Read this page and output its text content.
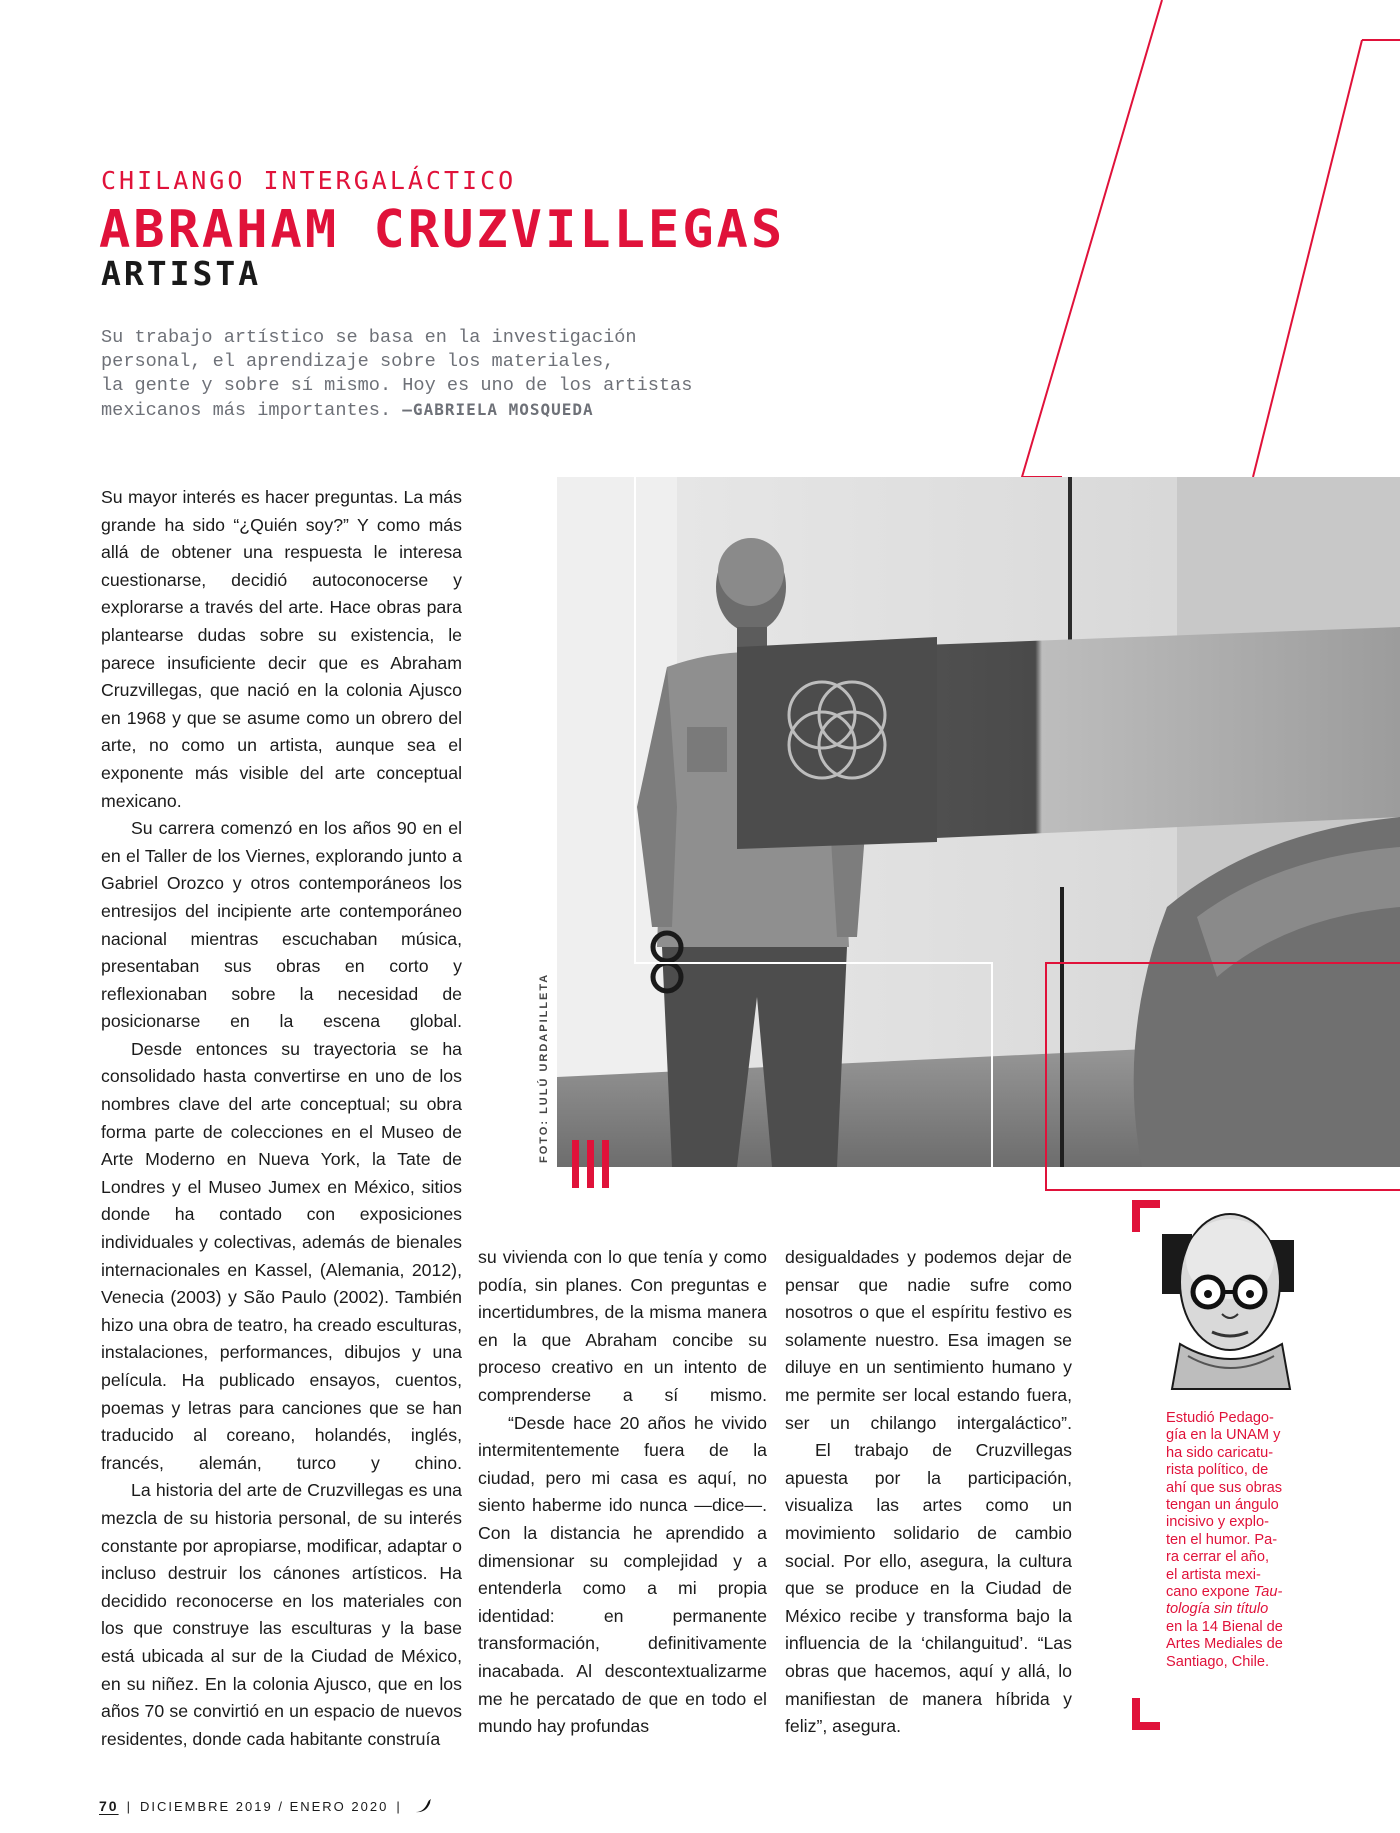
CHILANGO INTERGALÁCTICO
ABRAHAM CRUZVILLEGAS
ARTISTA

Su trabajo artístico se basa en la investigación

personal, el aprendizaje sobre los materiales,

la gente y sobre sí mismo. Hoy es uno de los artistas

mexicanos más importantes. –GABRIELA MOSQUEDA

FOTO: LULÚ URDAPILLETA

Su mayor interés es hacer preguntas. La más grande ha sido “¿Quién soy?” Y como más allá de obtener una respuesta le interesa cuestionarse, decidió autoconocerse y explorarse a través del arte. Hace obras para plantearse dudas sobre su existencia, le parece insuficiente decir que es Abraham Cruzvillegas, que nació en la colonia Ajusco en 1968 y que se asume como un obrero del arte, no como un artista, aunque sea el exponente más visible del arte conceptual mexicano.

Su carrera comenzó en los años 90 en el en el Taller de los Viernes, explorando junto a Gabriel Orozco y otros contemporáneos los entresijos del incipiente arte contemporáneo nacional mientras escuchaban música, presentaban sus obras en corto y reflexionaban sobre la necesidad de posicionarse en la escena global.

Desde entonces su trayectoria se ha consolidado hasta convertirse en uno de los nombres clave del arte conceptual; su obra forma parte de colecciones en el Museo de Arte Moderno en Nueva York, la Tate de Londres y el Museo Jumex en México, sitios donde ha contado con exposiciones individuales y colectivas, además de bienales internacionales en Kassel, (Alemania, 2012), Venecia (2003) y São Paulo (2002). También hizo una obra de teatro, ha creado esculturas, instalaciones, performances, dibujos y una película. Ha publicado ensayos, cuentos, poemas y letras para canciones que se han traducido al coreano, holandés, inglés, francés, alemán, turco y chino.

La historia del arte de Cruzvillegas es una mezcla de su historia personal, de su interés constante por apropiarse, modificar, adaptar o incluso destruir los cánones artísticos. Ha decidido reconocerse en los materiales con los que construye las esculturas y la base está ubicada al sur de la Ciudad de México, en su niñez. En la colonia Ajusco, que en los años 70 se convirtió en un espacio de nuevos residentes, donde cada habitante construía

su vivienda con lo que tenía y como podía, sin planes. Con preguntas e incertidumbres, de la misma manera en la que Abraham concibe su proceso creativo en un intento de comprenderse a sí mismo.

“Desde hace 20 años he vivido intermitentemente fuera de la ciudad, pero mi casa es aquí, no siento haberme ido nunca —dice—. Con la distancia he aprendido a dimensionar su complejidad y a entenderla como a mi propia identidad: en permanente transformación, definitivamente inacabada. Al descontextualizarme me he percatado de que en todo el mundo hay profundas

desigualdades y podemos dejar de pensar que nadie sufre como nosotros o que el espíritu festivo es solamente nuestro. Esa imagen se diluye en un sentimiento humano y me permite ser local estando fuera, ser un chilango intergaláctico”.

El trabajo de Cruzvillegas apuesta por la participación, visualiza las artes como un movimiento solidario de cambio social. Por ello, asegura, la cultura que se produce en la Ciudad de México recibe y transforma bajo la influencia de la ‘chilanguitud’. “Las obras que hacemos, aquí y allá, lo manifiestan de manera híbrida y feliz”, asegura.

Estudió Pedago-

gía en la UNAM y

ha sido caricatu-

rista político, de

ahí que sus obras

tengan un ángulo

incisivo y explo-

ten el humor. Pa-

ra cerrar el año,

el artista mexi-

cano expone Tau-

tología sin título

en la 14 Bienal de

Artes Mediales de

Santiago, Chile.

70 | DICIEMBRE 2019 / ENERO 2020 |
